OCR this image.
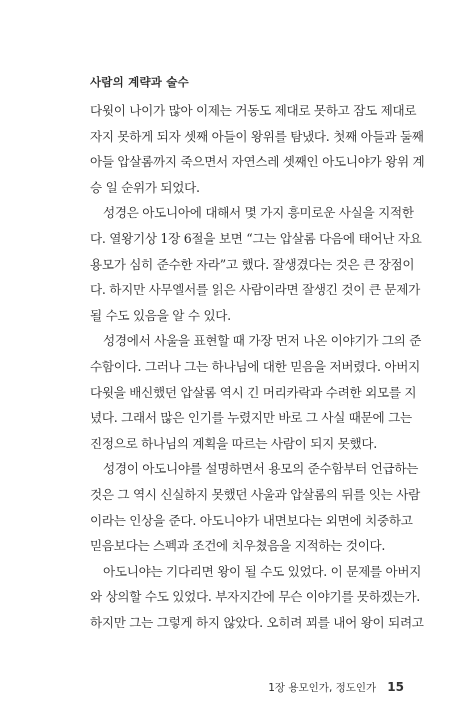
사람의 계략과 술수
다윗이 나이가 많아 이제는 거동도 제대로 못하고 잠도 제대로
자지 못하게 되자 셋째 아들이 왕위를 탐냈다. 첫째 아들과 둘째
아들 압살롬까지 죽으면서 자연스레 셋째인 아도니야가 왕위 계
승 일 순위가 되었다.
성경은 아도니아에 대해서 몇 가지 흥미로운 사실을 지적한
다. 열왕기상 1장 6절을 보면 “그는 압살롬 다음에 태어난 자요
용모가 심히 준수한 자라”고 했다. 잘생겼다는 것은 큰 장점이
다. 하지만 사무엘서를 읽은 사람이라면 잘생긴 것이 큰 문제가
될 수도 있음을 알 수 있다.
성경에서 사울을 표현할 때 가장 먼저 나온 이야기가 그의 준
수함이다. 그러나 그는 하나님에 대한 믿음을 저버렸다. 아버지
다윗을 배신했던 압살롬 역시 긴 머리카락과 수려한 외모를 지
녔다. 그래서 많은 인기를 누렸지만 바로 그 사실 때문에 그는
진정으로 하나님의 계획을 따르는 사람이 되지 못했다.
성경이 아도니야를 설명하면서 용모의 준수함부터 언급하는
것은 그 역시 신실하지 못했던 사울과 압살롬의 뒤를 잇는 사람
이라는 인상을 준다. 아도니야가 내면보다는 외면에 치중하고
믿음보다는 스펙과 조건에 치우쳤음을 지적하는 것이다.
아도니야는 기다리면 왕이 될 수도 있었다. 이 문제를 아버지
와 상의할 수도 있었다. 부자지간에 무슨 이야기를 못하겠는가.
하지만 그는 그렇게 하지 않았다. 오히려 꾀를 내어 왕이 되려고
1장 용모인가, 정도인가 15
